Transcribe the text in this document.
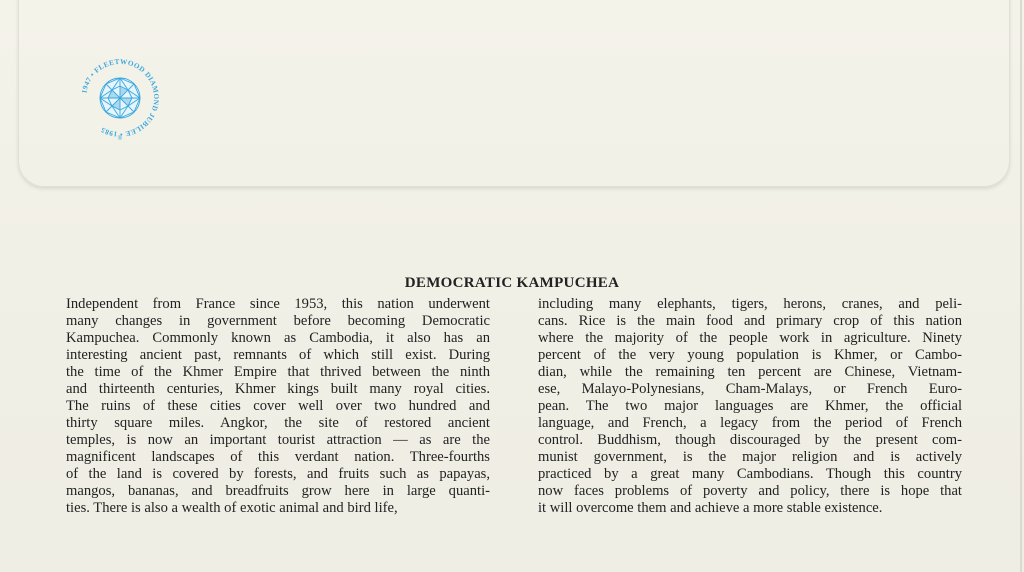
1947 • FLEETWOOD DIAMOND JUBILEE • 1985
®
DEMOCRATIC KAMPUCHEA
Independent from France since 1953, this nation underwent
many changes in government before becoming Democratic
Kampuchea. Commonly known as Cambodia, it also has an
interesting ancient past, remnants of which still exist. During
the time of the Khmer Empire that thrived between the ninth
and thirteenth centuries, Khmer kings built many royal cities.
The ruins of these cities cover well over two hundred and
thirty square miles. Angkor, the site of restored ancient
temples, is now an important tourist attraction — as are the
magnificent landscapes of this verdant nation. Three-fourths
of the land is covered by forests, and fruits such as papayas,
mangos, bananas, and breadfruits grow here in large quanti-
ties. There is also a wealth of exotic animal and bird life,
including many elephants, tigers, herons, cranes, and peli-
cans. Rice is the main food and primary crop of this nation
where the majority of the people work in agriculture. Ninety
percent of the very young population is Khmer, or Cambo-
dian, while the remaining ten percent are Chinese, Vietnam-
ese, Malayo-Polynesians, Cham-Malays, or French Euro-
pean. The two major languages are Khmer, the official
language, and French, a legacy from the period of French
control. Buddhism, though discouraged by the present com-
munist government, is the major religion and is actively
practiced by a great many Cambodians. Though this country
now faces problems of poverty and policy, there is hope that
it will overcome them and achieve a more stable existence.
